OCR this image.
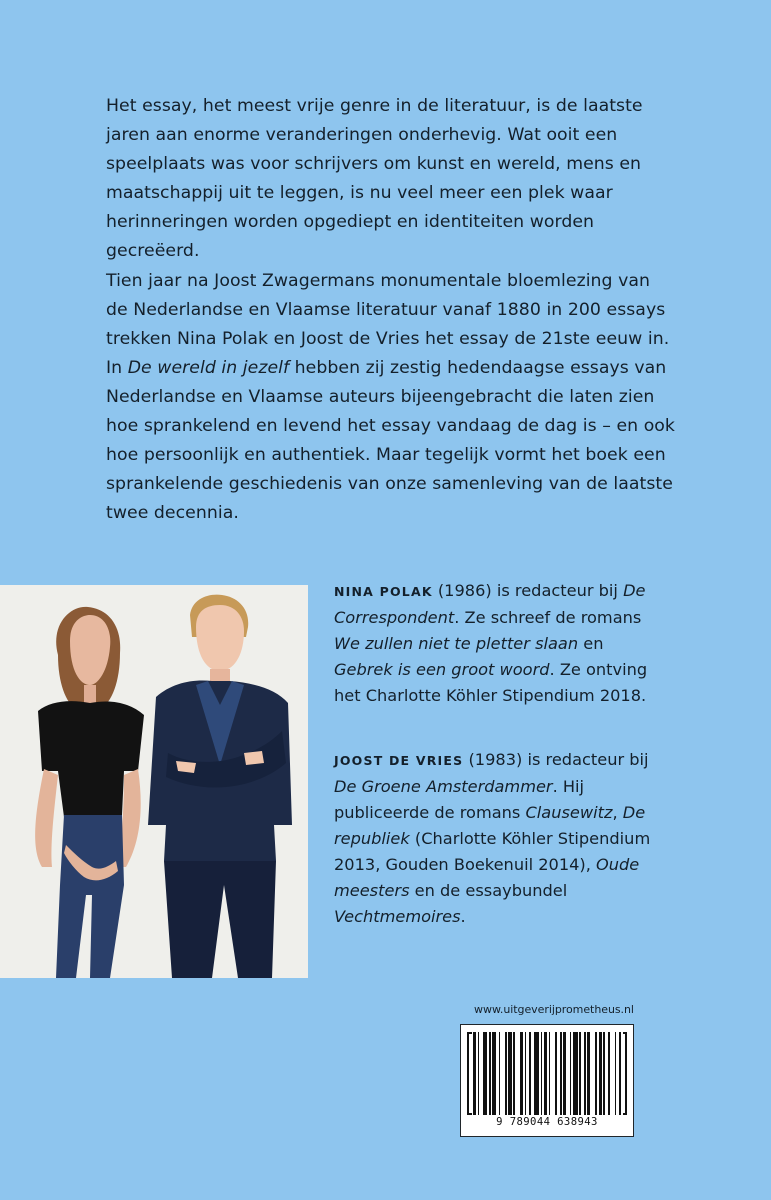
Het essay, het meest vrije genre in de literatuur, is de laatste jaren aan enorme veranderingen onderhevig. Wat ooit een speelplaats was voor schrijvers om kunst en wereld, mens en maatschappij uit te leggen, is nu veel meer een plek waar herinneringen worden opgediept en identiteiten worden gecreëerd.

Tien jaar na Joost Zwagermans monumentale bloemlezing van de Nederlandse en Vlaamse literatuur vanaf 1880 in 200 essays trekken Nina Polak en Joost de Vries het essay de 21ste eeuw in. In De wereld in jezelf hebben zij zestig hedendaagse essays van Nederlandse en Vlaamse auteurs bijeengebracht die laten zien hoe sprankelend en levend het essay vandaag de dag is – en ook hoe persoonlijk en authentiek. Maar tegelijk vormt het boek een sprankelende geschiedenis van onze samenleving van de laatste twee decennia.

NINA POLAK (1986) is redacteur bij De Correspondent. Ze schreef de romans We zullen niet te pletter slaan en Gebrek is een groot woord. Ze ontving het Charlotte Köhler Stipendium 2018.
JOOST DE VRIES (1983) is redacteur bij De Groene Amsterdammer. Hij publiceerde de romans Clausewitz, De republiek (Charlotte Köhler Stipendium 2013, Gouden Boekenuil 2014), Oude meesters en de essaybundel Vechtmemoires.
www.uitgeverijprometheus.nl
9 789044 638943
